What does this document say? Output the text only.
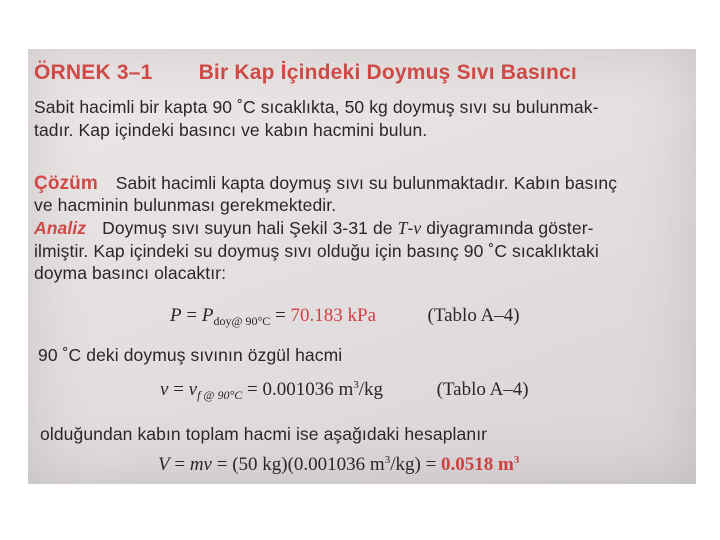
ÖRNEK 3–1 Bir Kap İçindeki Doymuş Sıvı Basıncı
Sabit hacimli bir kapta 90 ˚C sıcaklıkta, 50 kg doymuş sıvı su bulunmak-
tadır. Kap içindeki basıncı ve kabın hacmini bulun.
Çözüm Sabit hacimli kapta doymuş sıvı su bulunmaktadır. Kabın basınç
ve hacminin bulunması gerekmektedir.
Analiz Doymuş sıvı suyun hali Şekil 3-31 de T-v diyagramında göster-
ilmiştir. Kap içindeki su doymuş sıvı olduğu için basınç 90 ˚C sıcaklıktaki
doyma basıncı olacaktır:
$P = P_{doy@ 90^\circ C} = 70.183$ kPa	(Tablo A–4)
90 ˚C deki doymuş sıvının özgül hacmi
$v = v_{f @ 90^\circ C} = 0.001036$ $m^3/kg$	(Tablo A–4)
olduğundan kabın toplam hacmi ise aşağıdaki hesaplanır
V = mv = (50 kg)(0.001036 $m^3/kg) = 0.0518$ $m^3$
